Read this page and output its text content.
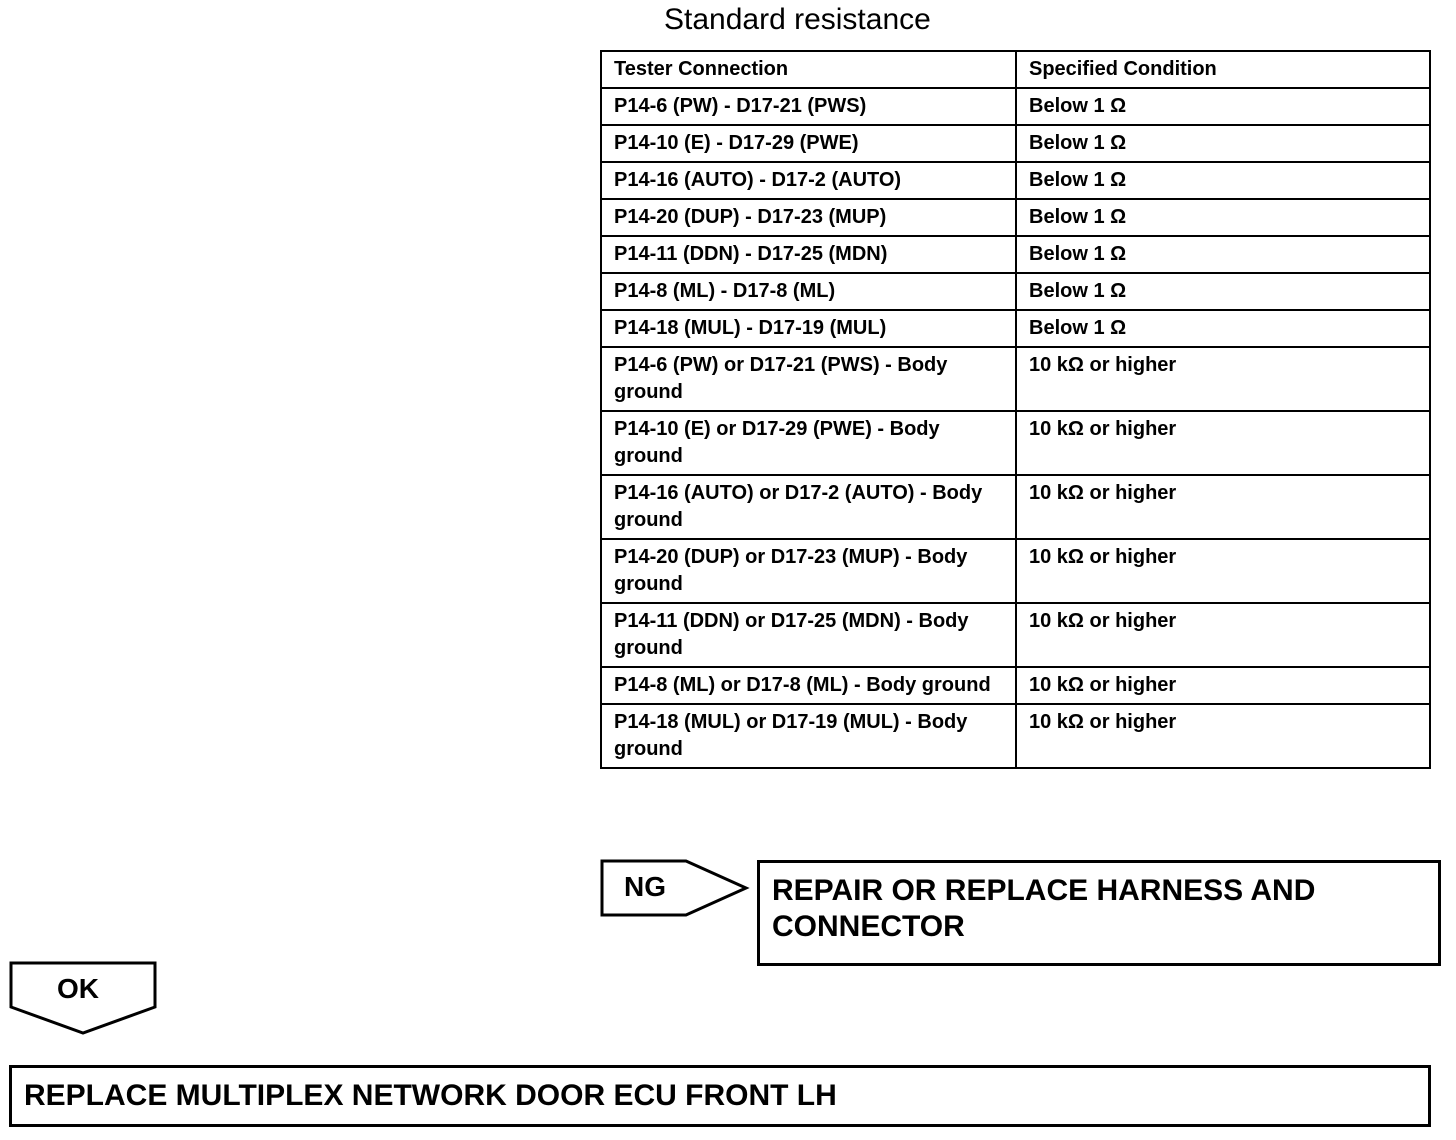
Standard resistance
Tester Connection	Specified Condition
P14-6 (PW) - D17-21 (PWS)	Below 1 Ω
P14-10 (E) - D17-29 (PWE)	Below 1 Ω
P14-16 (AUTO) - D17-2 (AUTO)	Below 1 Ω
P14-20 (DUP) - D17-23 (MUP)	Below 1 Ω
P14-11 (DDN) - D17-25 (MDN)	Below 1 Ω
P14-8 (ML) - D17-8 (ML)	Below 1 Ω
P14-18 (MUL) - D17-19 (MUL)	Below 1 Ω
P14-6 (PW) or D17-21 (PWS) - Body ground	10 kΩ or higher
P14-10 (E) or D17-29 (PWE) - Body ground	10 kΩ or higher
P14-16 (AUTO) or D17-2 (AUTO) - Body ground	10 kΩ or higher
P14-20 (DUP) or D17-23 (MUP) - Body ground	10 kΩ or higher
P14-11 (DDN) or D17-25 (MDN) - Body ground	10 kΩ or higher
P14-8 (ML) or D17-8 (ML) - Body ground	10 kΩ or higher
P14-18 (MUL) or D17-19 (MUL) - Body ground	10 kΩ or higher
NG	REPAIR OR REPLACE HARNESS AND CONNECTOR
OK
REPLACE MULTIPLEX NETWORK DOOR ECU FRONT LH
